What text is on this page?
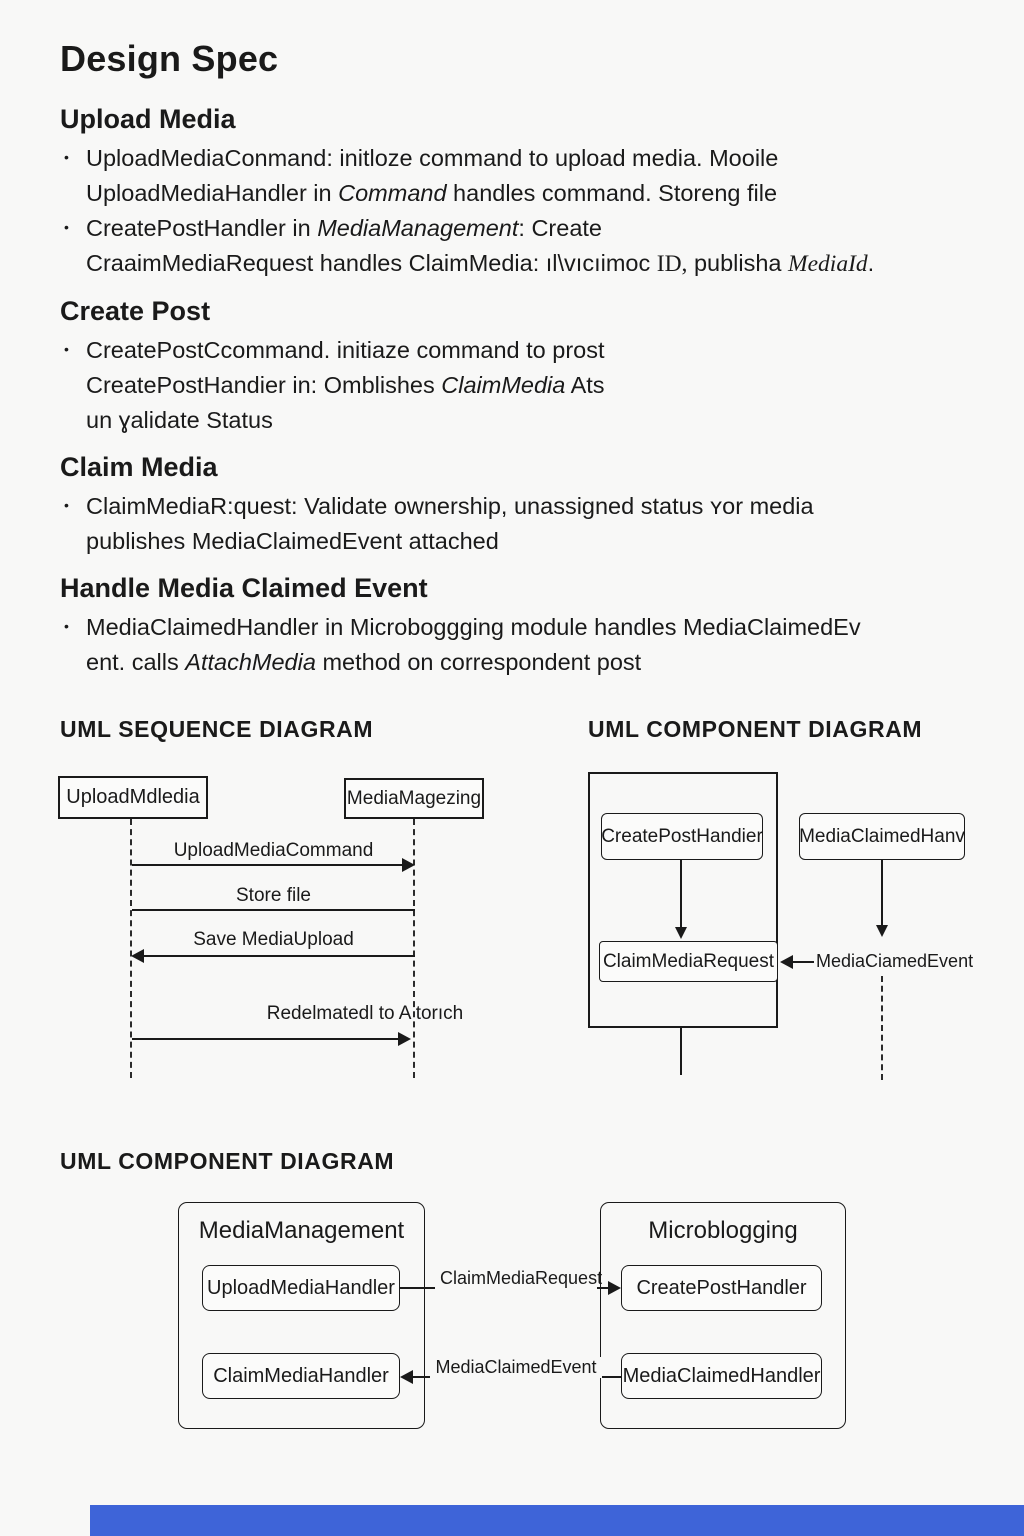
Design Spec
Upload Media
• UploadMediaConmand: initloze command to upload media. Mooile
UploadMediaHandler in Command handles command. Storeng file
• CreatePostHandler in MediaManagement: Create
CraaimMediaRequest handles ClaimMedia: ıl\vıcıimoc ID, publisha MediaId.
Create Post
• CreatePostCcommand. initiaze command to prost
CreatePostHandier in: Omblishes ClaimMedia Ats
un ɣalidate Status
Claim Media
• ClaimMediaR:quest: Validate ownership, unassigned status ʏor media
publishes MediaClaimedEvent attached
Handle Media Claimed Event
• MediaClaimedHandler in Microboggging module handles MediaClaimedEv
ent. calls AttachMedia method on correspondent post
UML SEQUENCE DIAGRAM
UploadMdledia	MediaMagezing
UploadMediaCommand
Store file
Save MediaUpload
Redelmatedl to A torıch
UML COMPONENT DIAGRAM
CreatePostHandier
ClaimMediaRequest
MediaClaimedHanv
MediaCiamedEvent
UML COMPONENT DIAGRAM
MediaManagement
UploadMediaHandler
ClaimMediaHandler
Microblogging
CreatePostHandler
MediaClaimedHandler
ClaimMediaRequest
MediaClaimedEvent
